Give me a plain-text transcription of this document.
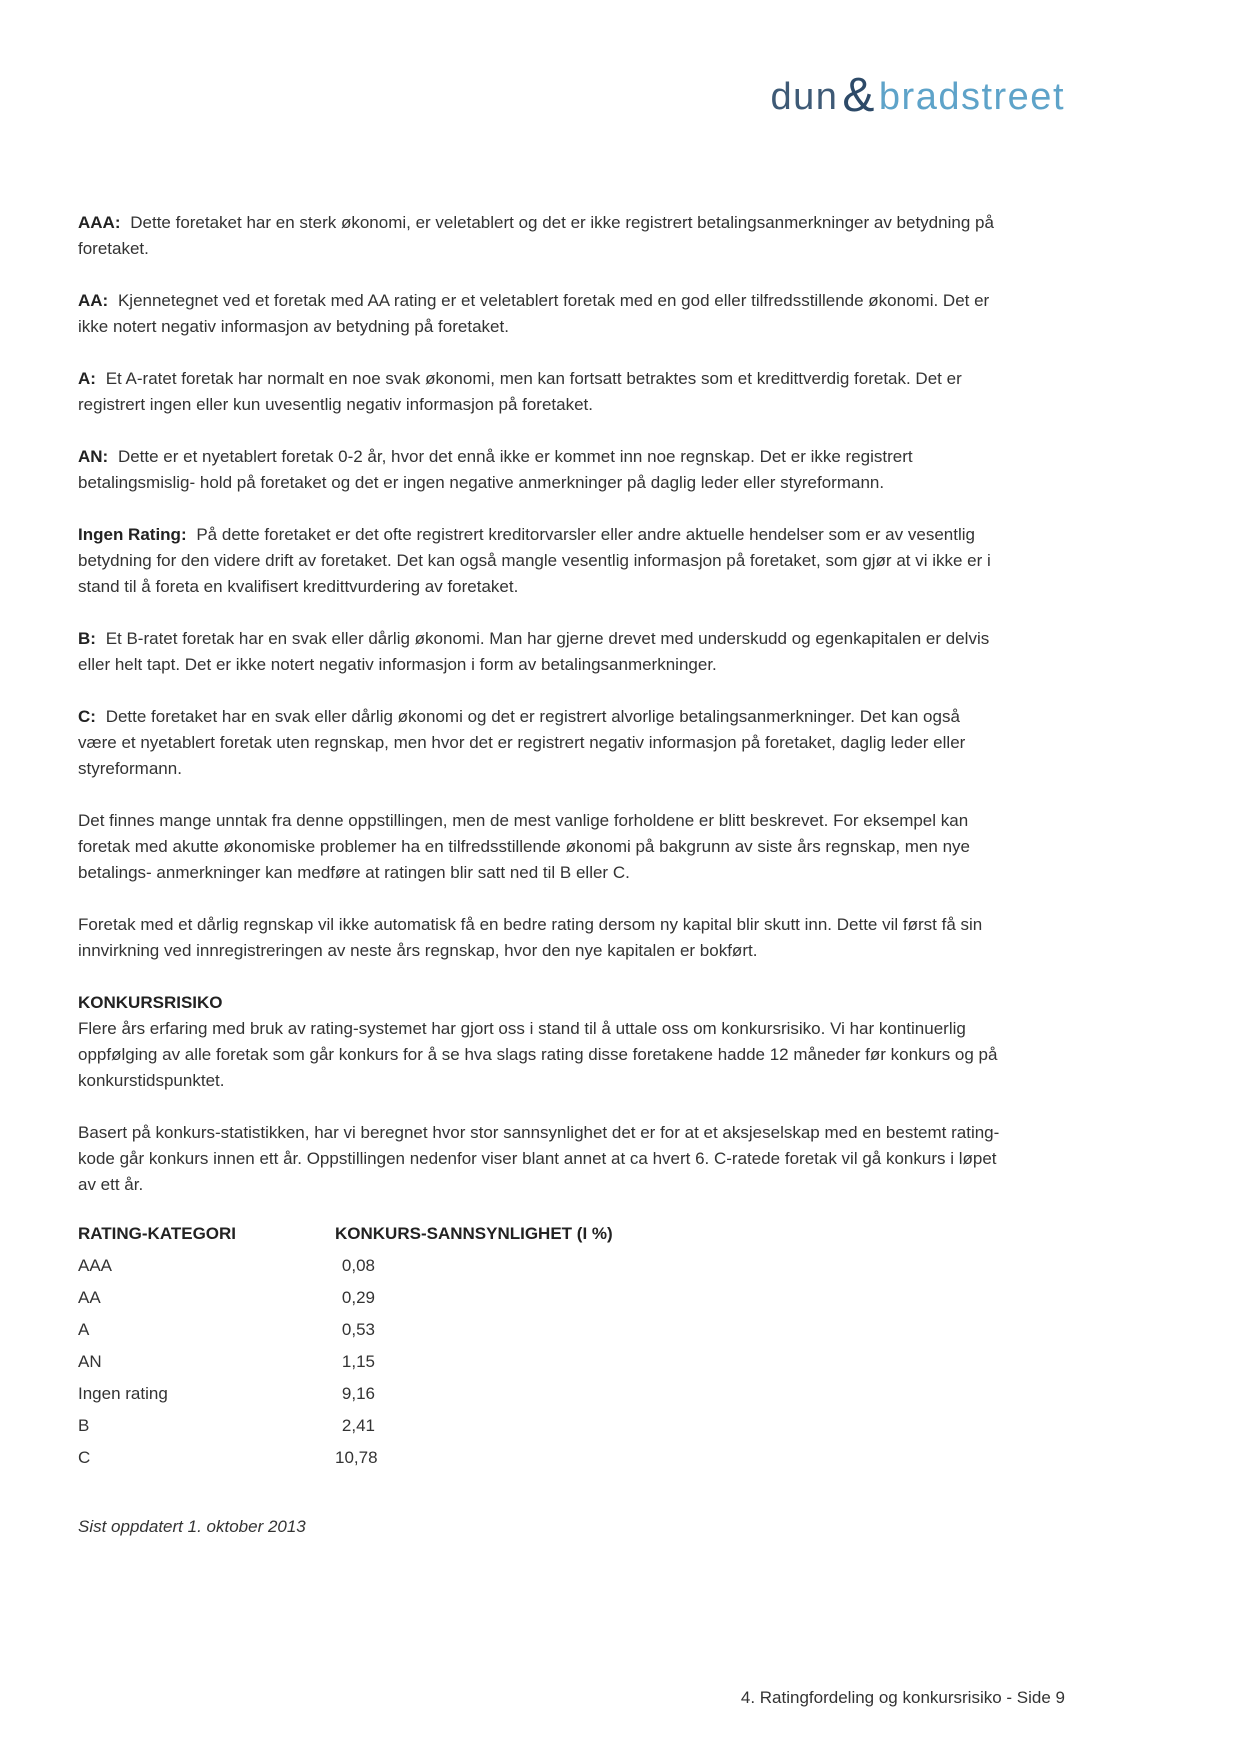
dun & bradstreet

AAA: Dette foretaket har en sterk økonomi, er veletablert og det er ikke registrert betalingsanmerkninger av betydning på foretaket.

AA: Kjennetegnet ved et foretak med AA rating er et veletablert foretak med en god eller tilfredsstillende økonomi. Det er ikke notert negativ informasjon av betydning på foretaket.

A: Et A-ratet foretak har normalt en noe svak økonomi, men kan fortsatt betraktes som et kredittverdig foretak. Det er registrert ingen eller kun uvesentlig negativ informasjon på foretaket.

AN: Dette er et nyetablert foretak 0-2 år, hvor det ennå ikke er kommet inn noe regnskap. Det er ikke registrert betalingsmislig- hold på foretaket og det er ingen negative anmerkninger på daglig leder eller styreformann.

Ingen Rating: På dette foretaket er det ofte registrert kreditorvarsler eller andre aktuelle hendelser som er av vesentlig betydning for den videre drift av foretaket. Det kan også mangle vesentlig informasjon på foretaket, som gjør at vi ikke er i stand til å foreta en kvalifisert kredittvurdering av foretaket.

B: Et B-ratet foretak har en svak eller dårlig økonomi. Man har gjerne drevet med underskudd og egenkapitalen er delvis eller helt tapt. Det er ikke notert negativ informasjon i form av betalingsanmerkninger.

C: Dette foretaket har en svak eller dårlig økonomi og det er registrert alvorlige betalingsanmerkninger. Det kan også være et nyetablert foretak uten regnskap, men hvor det er registrert negativ informasjon på foretaket, daglig leder eller styreformann.

Det finnes mange unntak fra denne oppstillingen, men de mest vanlige forholdene er blitt beskrevet. For eksempel kan foretak med akutte økonomiske problemer ha en tilfredsstillende økonomi på bakgrunn av siste års regnskap, men nye betalings- anmerkninger kan medføre at ratingen blir satt ned til B eller C.

Foretak med et dårlig regnskap vil ikke automatisk få en bedre rating dersom ny kapital blir skutt inn. Dette vil først få sin innvirkning ved innregistreringen av neste års regnskap, hvor den nye kapitalen er bokført.

KONKURSRISIKO

Flere års erfaring med bruk av rating-systemet har gjort oss i stand til å uttale oss om konkursrisiko. Vi har kontinuerlig oppfølging av alle foretak som går konkurs for å se hva slags rating disse foretakene hadde 12 måneder før konkurs og på konkurstidspunktet.

Basert på konkurs-statistikken, har vi beregnet hvor stor sannsynlighet det er for at et aksjeselskap med en bestemt rating-kode går konkurs innen ett år. Oppstillingen nedenfor viser blant annet at ca hvert 6. C-ratede foretak vil gå konkurs i løpet av ett år.

RATING-KATEGORI	KONKURS-SANNSYNLIGHET (I %)
AAA	0,08
AA	0,29
A	0,53
AN	1,15
Ingen rating	9,16
B	2,41
C	10,78

Sist oppdatert 1. oktober 2013

4. Ratingfordeling og konkursrisiko - Side 9
